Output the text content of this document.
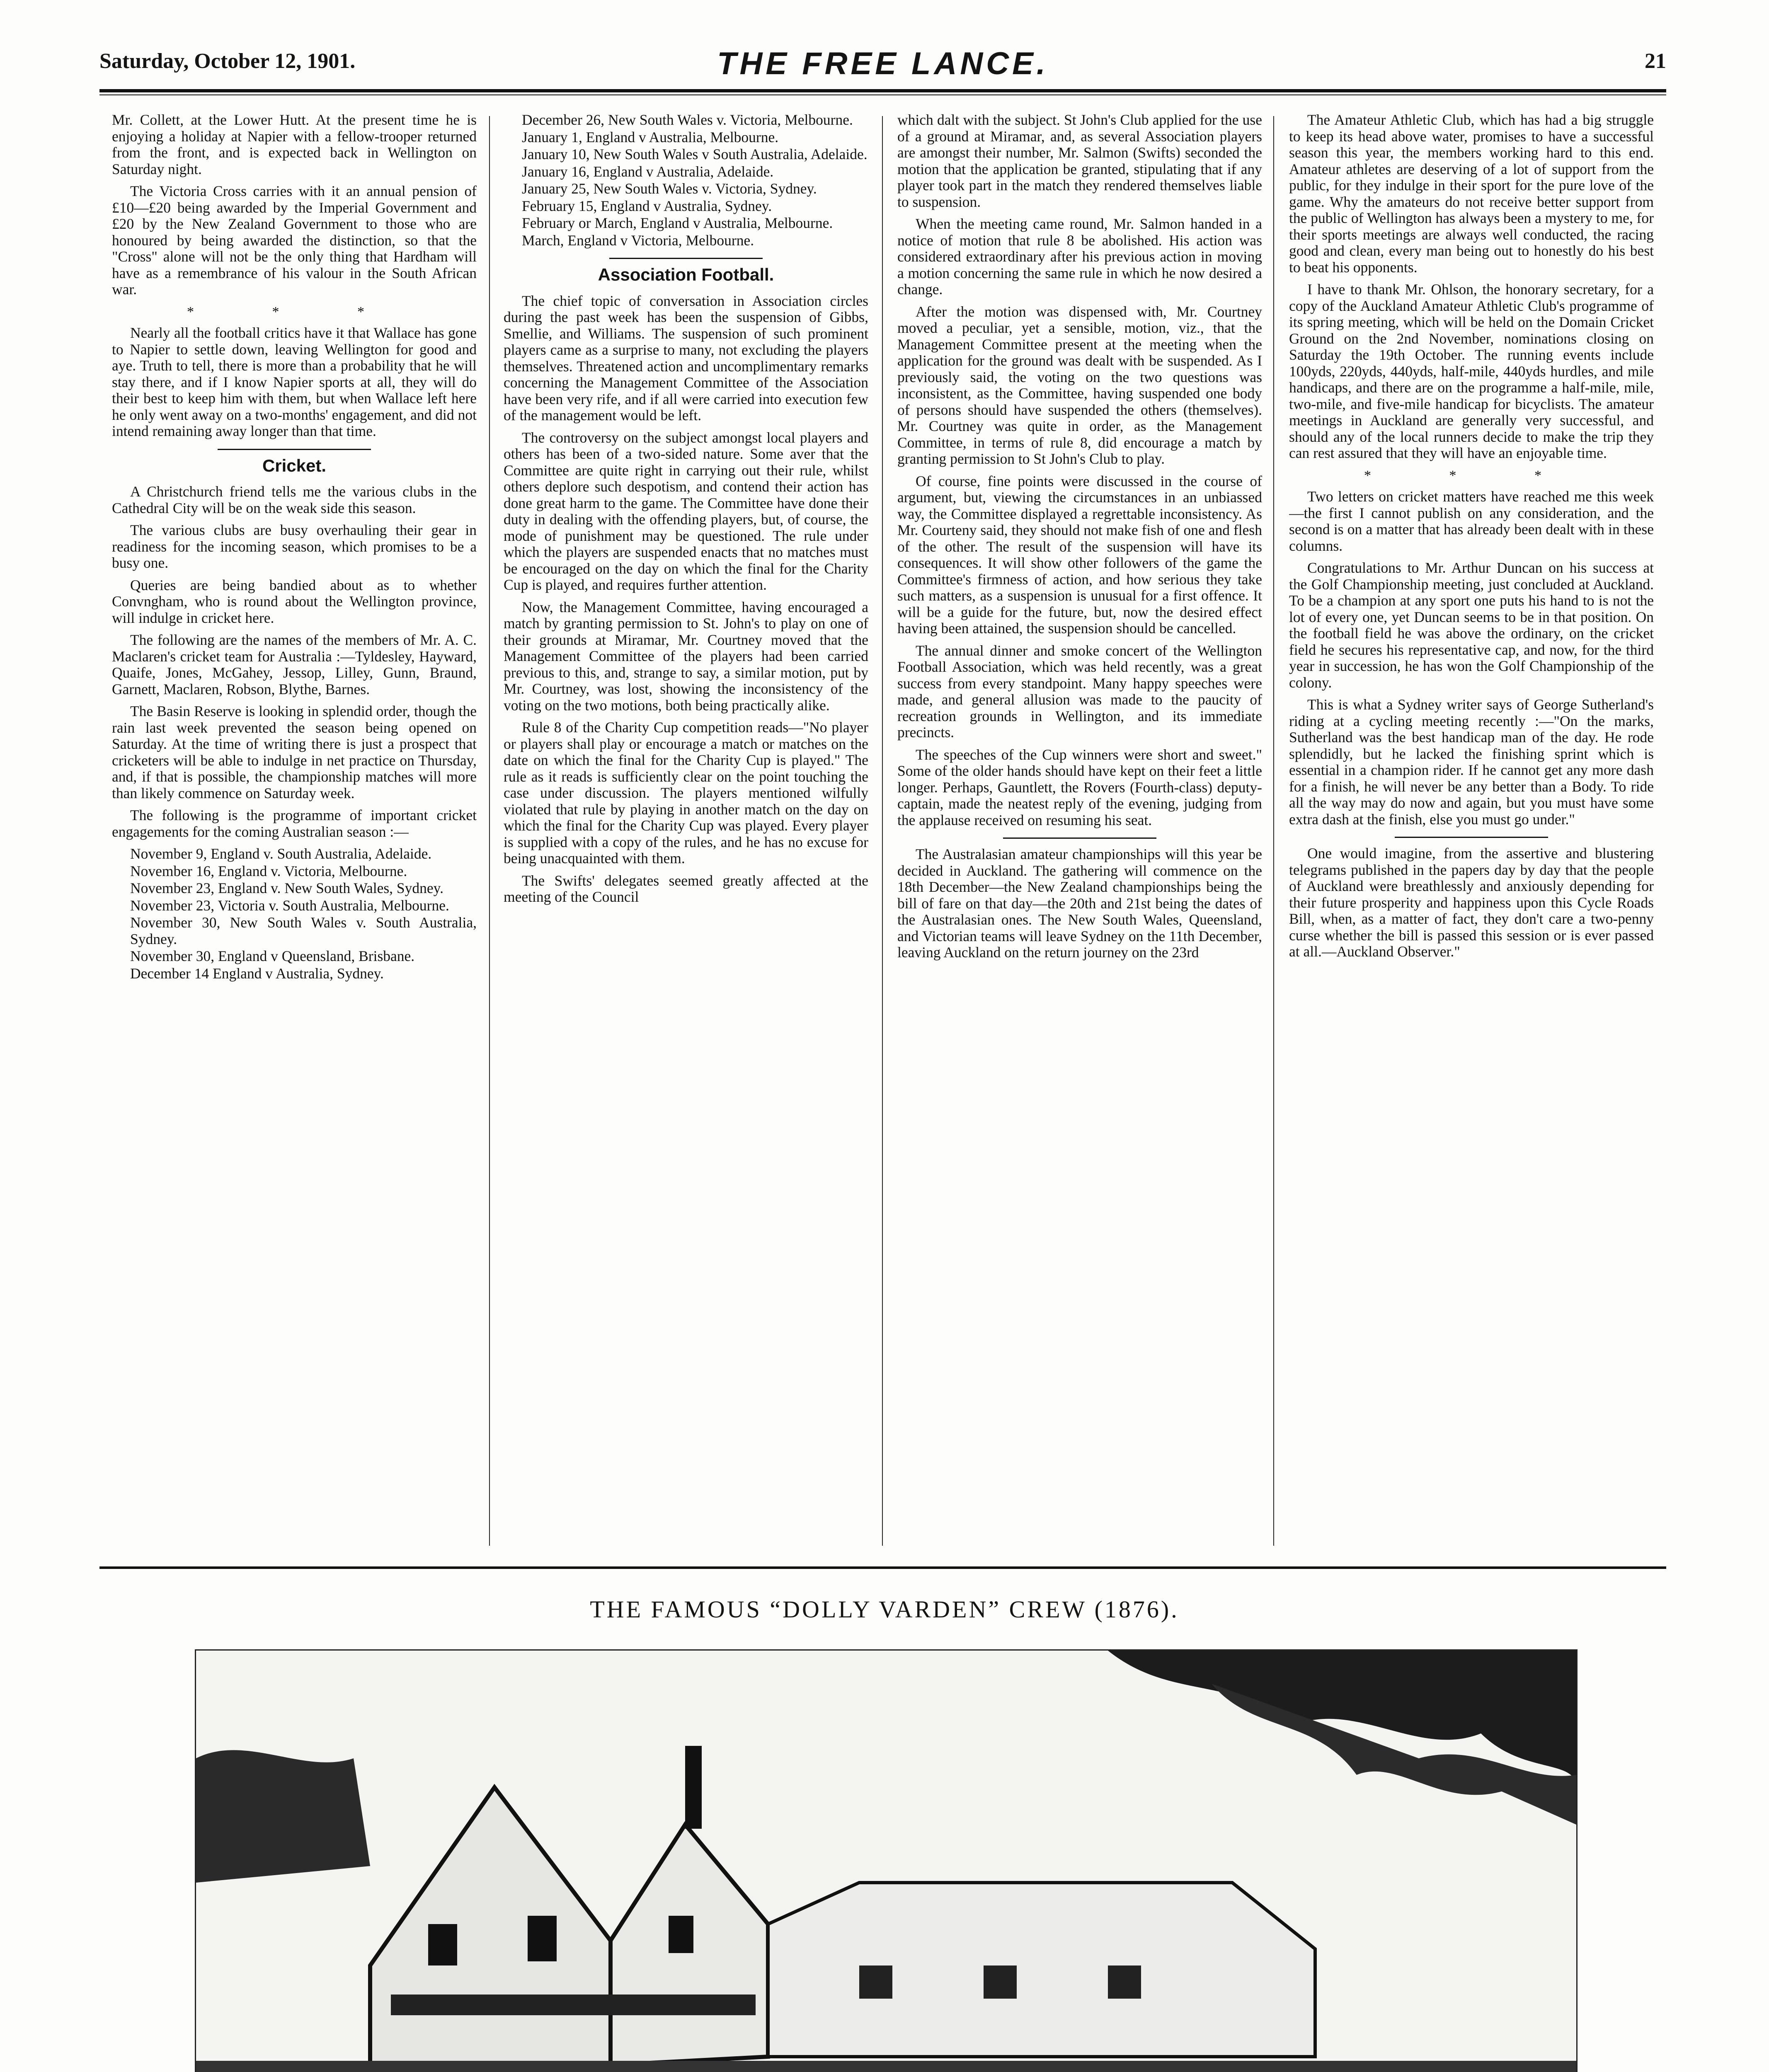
Saturday, October 12, 1901.	THE FREE LANCE.	21

Mr. Collett, at the Lower Hutt. At the present time he is enjoying a holiday at Napier with a fellow-trooper returned from the front, and is expected back in Wellington on Saturday night.

The Victoria Cross carries with it an annual pension of £10—£20 being awarded by the Imperial Government and £20 by the New Zealand Government to those who are honoured by being awarded the distinction, so that the "Cross" alone will not be the only thing that Hardham will have as a remembrance of his valour in the South African war.

* * *

Nearly all the football critics have it that Wallace has gone to Napier to settle down, leaving Wellington for good and aye. Truth to tell, there is more than a probability that he will stay there, and if I know Napier sports at all, they will do their best to keep him with them, but when Wallace left here he only went away on a two-months' engagement, and did not intend remaining away longer than that time.

Cricket.

A Christchurch friend tells me the various clubs in the Cathedral City will be on the weak side this season.

The various clubs are busy overhauling their gear in readiness for the incoming season, which promises to be a busy one.

Queries are being bandied about as to whether Convngham, who is round about the Wellington province, will indulge in cricket here.

The following are the names of the members of Mr. A. C. Maclaren's cricket team for Australia :—Tyldesley, Hayward, Quaife, Jones, McGahey, Jessop, Lilley, Gunn, Braund, Garnett, Maclaren, Robson, Blythe, Barnes.

The Basin Reserve is looking in splendid order, though the rain last week prevented the season being opened on Saturday. At the time of writing there is just a prospect that cricketers will be able to indulge in net practice on Thursday, and, if that is possible, the championship matches will more than likely commence on Saturday week.

The following is the programme of important cricket engagements for the coming Australian season :—

November 9, England v. South Australia, Adelaide.

November 16, England v. Victoria, Melbourne.

November 23, England v. New South Wales, Sydney.

November 23, Victoria v. South Australia, Melbourne.

November 30, New South Wales v. South Australia, Sydney.

November 30, England v Queensland, Brisbane.

December 14 England v Australia, Sydney.

December 26, New South Wales v. Victoria, Melbourne.

January 1, England v Australia, Melbourne.

January 10, New South Wales v South Australia, Adelaide.

January 16, England v Australia, Adelaide.

January 25, New South Wales v. Victoria, Sydney.

February 15, England v Australia, Sydney.

February or March, England v Australia, Melbourne.

March, England v Victoria, Melbourne.

Association Football.

The chief topic of conversation in Association circles during the past week has been the suspension of Gibbs, Smellie, and Williams. The suspension of such prominent players came as a surprise to many, not excluding the players themselves. Threatened action and uncomplimentary remarks concerning the Management Committee of the Association have been very rife, and if all were carried into execution few of the management would be left.

The controversy on the subject amongst local players and others has been of a two-sided nature. Some aver that the Committee are quite right in carrying out their rule, whilst others deplore such despotism, and contend their action has done great harm to the game. The Committee have done their duty in dealing with the offending players, but, of course, the mode of punishment may be questioned. The rule under which the players are suspended enacts that no matches must be encouraged on the day on which the final for the Charity Cup is played, and requires further attention.

Now, the Management Committee, having encouraged a match by granting permission to St. John's to play on one of their grounds at Miramar, Mr. Courtney moved that the Management Committee of the players had been carried previous to this, and, strange to say, a similar motion, put by Mr. Courtney, was lost, showing the inconsistency of the voting on the two motions, both being practically alike.

Rule 8 of the Charity Cup competition reads—"No player or players shall play or encourage a match or matches on the date on which the final for the Charity Cup is played." The rule as it reads is sufficiently clear on the point touching the case under discussion. The players mentioned wilfully violated that rule by playing in another match on the day on which the final for the Charity Cup was played. Every player is supplied with a copy of the rules, and he has no excuse for being unacquainted with them.

The Swifts' delegates seemed greatly affected at the meeting of the Council

which dalt with the subject. St John's Club applied for the use of a ground at Miramar, and, as several Association players are amongst their number, Mr. Salmon (Swifts) seconded the motion that the application be granted, stipulating that if any player took part in the match they rendered themselves liable to suspension.

When the meeting came round, Mr. Salmon handed in a notice of motion that rule 8 be abolished. His action was considered extraordinary after his previous action in moving a motion concerning the same rule in which he now desired a change.

After the motion was dispensed with, Mr. Courtney moved a peculiar, yet a sensible, motion, viz., that the Management Committee present at the meeting when the application for the ground was dealt with be suspended. As I previously said, the voting on the two questions was inconsistent, as the Committee, having suspended one body of persons should have suspended the others (themselves). Mr. Courtney was quite in order, as the Management Committee, in terms of rule 8, did encourage a match by granting permission to St John's Club to play.

Of course, fine points were discussed in the course of argument, but, viewing the circumstances in an unbiassed way, the Committee displayed a regrettable inconsistency. As Mr. Courteny said, they should not make fish of one and flesh of the other. The result of the suspension will have its consequences. It will show other followers of the game the Committee's firmness of action, and how serious they take such matters, as a suspension is unusual for a first offence. It will be a guide for the future, but, now the desired effect having been attained, the suspension should be cancelled.

The annual dinner and smoke concert of the Wellington Football Association, which was held recently, was a great success from every standpoint. Many happy speeches were made, and general allusion was made to the paucity of recreation grounds in Wellington, and its immediate precincts.

The speeches of the Cup winners were short and sweet." Some of the older hands should have kept on their feet a little longer. Perhaps, Gauntlett, the Rovers (Fourth-class) deputy-captain, made the neatest reply of the evening, judging from the applause received on resuming his seat.

The Australasian amateur championships will this year be decided in Auckland. The gathering will commence on the 18th December—the New Zealand championships being the bill of fare on that day—the 20th and 21st being the dates of the Australasian ones. The New South Wales, Queensland, and Victorian teams will leave Sydney on the 11th December, leaving Auckland on the return journey on the 23rd

The Amateur Athletic Club, which has had a big struggle to keep its head above water, promises to have a successful season this year, the members working hard to this end. Amateur athletes are deserving of a lot of support from the public, for they indulge in their sport for the pure love of the game. Why the amateurs do not receive better support from the public of Wellington has always been a mystery to me, for their sports meetings are always well conducted, the racing good and clean, every man being out to honestly do his best to beat his opponents.

I have to thank Mr. Ohlson, the honorary secretary, for a copy of the Auckland Amateur Athletic Club's programme of its spring meeting, which will be held on the Domain Cricket Ground on the 2nd November, nominations closing on Saturday the 19th October. The running events include 100yds, 220yds, 440yds, half-mile, 440yds hurdles, and mile handicaps, and there are on the programme a half-mile, mile, two-mile, and five-mile handicap for bicyclists. The amateur meetings in Auckland are generally very successful, and should any of the local runners decide to make the trip they can rest assured that they will have an enjoyable time.

* * *

Two letters on cricket matters have reached me this week—the first I cannot publish on any consideration, and the second is on a matter that has already been dealt with in these columns.

Congratulations to Mr. Arthur Duncan on his success at the Golf Championship meeting, just concluded at Auckland. To be a champion at any sport one puts his hand to is not the lot of every one, yet Duncan seems to be in that position. On the football field he was above the ordinary, on the cricket field he secures his representative cap, and now, for the third year in succession, he has won the Golf Championship of the colony.

This is what a Sydney writer says of George Sutherland's riding at a cycling meeting recently :—"On the marks, Sutherland was the best handicap man of the day. He rode splendidly, but he lacked the finishing sprint which is essential in a champion rider. If he cannot get any more dash for a finish, he will never be any better than a Body. To ride all the way may do now and again, but you must have some extra dash at the finish, else you must go under."

One would imagine, from the assertive and blustering telegrams published in the papers day by day that the people of Auckland were breathlessly and anxiously depending for their future prosperity and happiness upon this Cycle Roads Bill, when, as a matter of fact, they don't care a two-penny curse whether the bill is passed this session or is ever passed at all.—Auckland Observer."

THE FAMOUS “DOLLY VARDEN” CREW (1876).
